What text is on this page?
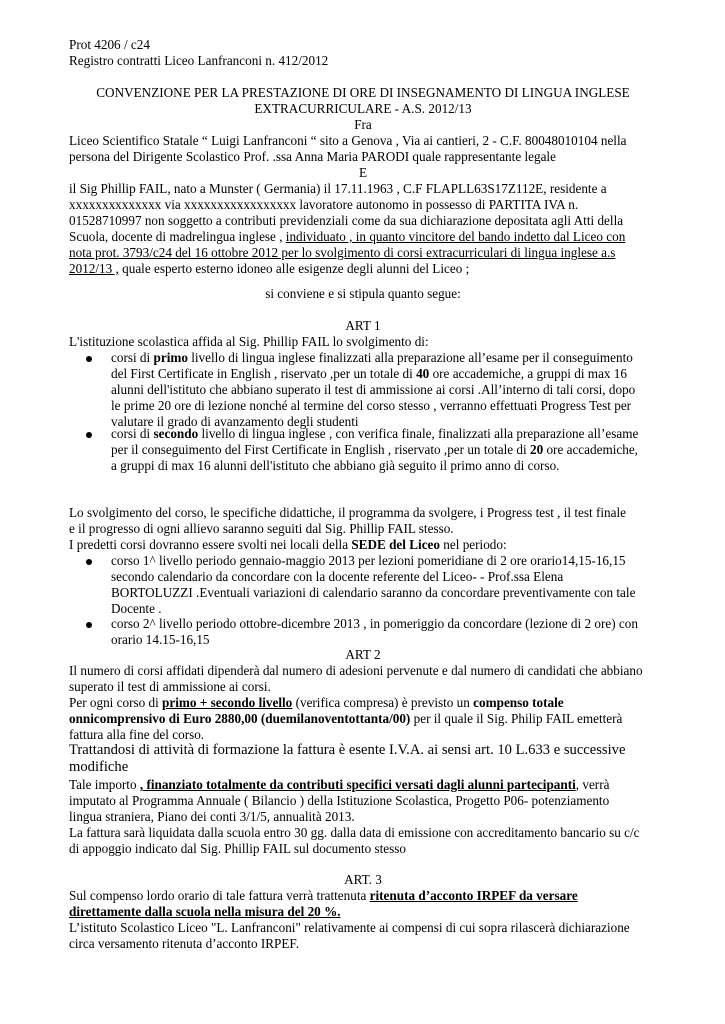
Prot 4206 / c24
Registro contratti Liceo Lanfranconi n. 412/2012
CONVENZIONE PER LA PRESTAZIONE DI ORE DI INSEGNAMENTO DI LINGUA INGLESE
EXTRACURRICULARE - A.S. 2012/13
Fra
Liceo Scientifico Statale “ Luigi Lanfranconi “ sito a Genova , Via ai cantieri, 2 - C.F. 80048010104 nella
persona del Dirigente Scolastico Prof. .ssa Anna Maria PARODI quale rappresentante legale
E
il Sig Phillip FAIL, nato a Munster ( Germania) il 17.11.1963 , C.F FLAPLL63S17Z112E, residente a
xxxxxxxxxxxxxx via xxxxxxxxxxxxxxxxx lavoratore autonomo in possesso di PARTITA IVA n.
01528710997 non soggetto a contributi previdenziali come da sua dichiarazione depositata agli Atti della
Scuola, docente di madrelingua inglese , individuato , in quanto vincitore del bando indetto dal Liceo con
nota prot. 3793/c24 del 16 ottobre 2012 per lo svolgimento di corsi extracurriculari di lingua inglese a.s
2012/13 , quale esperto esterno idoneo alle esigenze degli alunni del Liceo ;
si conviene e si stipula quanto segue:
ART 1
L'istituzione scolastica affida al Sig. Phillip FAIL lo svolgimento di:
corsi di primo livello di lingua inglese finalizzati alla preparazione all’esame per il conseguimento
del First Certificate in English , riservato ,per un totale di 40 ore accademiche, a gruppi di max 16
alunni dell'istituto che abbiano superato il test di ammissione ai corsi .All’interno di tali corsi, dopo
le prime 20 ore di lezione nonché al termine del corso stesso , verranno effettuati Progress Test per
valutare il grado di avanzamento degli studenti
corsi di secondo livello di lingua inglese , con verifica finale, finalizzati alla preparazione all’esame
per il conseguimento del First Certificate in English , riservato ,per un totale di 20 ore accademiche,
a gruppi di max 16 alunni dell'istituto che abbiano già seguito il primo anno di corso.
Lo svolgimento del corso, le specifiche didattiche, il programma da svolgere, i Progress test , il test finale
e il progresso di ogni allievo saranno seguiti dal Sig. Phillip FAIL stesso.
I predetti corsi dovranno essere svolti nei locali della SEDE del Liceo nel periodo:
corso 1^ livello periodo gennaio-maggio 2013 per lezioni pomeridiane di 2 ore orario14,15-16,15
secondo calendario da concordare con la docente referente del Liceo- - Prof.ssa Elena
BORTOLUZZI .Eventuali variazioni di calendario saranno da concordare preventivamente con tale
Docente .
corso 2^ livello periodo ottobre-dicembre 2013 , in pomeriggio da concordare (lezione di 2 ore) con
orario 14.15-16,15
ART 2
Il numero di corsi affidati dipenderà dal numero di adesioni pervenute e dal numero di candidati che abbiano
superato il test di ammissione ai corsi.
Per ogni corso di primo + secondo livello (verifica compresa) è previsto un compenso totale
onnicomprensivo di Euro 2880,00 (duemilanoventottanta/00) per il quale il Sig. Philip FAIL emetterà
fattura alla fine del corso.
Trattandosi di attività di formazione la fattura è esente I.V.A. ai sensi art. 10 L.633 e successive
modifiche
Tale importo , finanziato totalmente da contributi specifici versati dagli alunni partecipanti, verrà
imputato al Programma Annuale ( Bilancio ) della Istituzione Scolastica, Progetto P06- potenziamento
lingua straniera, Piano dei conti 3/1/5, annualità 2013.
La fattura sarà liquidata dalla scuola entro 30 gg. dalla data di emissione con accreditamento bancario su c/c
di appoggio indicato dal Sig. Phillip FAIL sul documento stesso
ART. 3
Sul compenso lordo orario di tale fattura verrà trattenuta ritenuta d’acconto IRPEF da versare
direttamente dalla scuola nella misura del 20 %.
L’istituto Scolastico Liceo "L. Lanfranconi" relativamente ai compensi di cui sopra rilascerà dichiarazione
circa versamento ritenuta d’acconto IRPEF.
